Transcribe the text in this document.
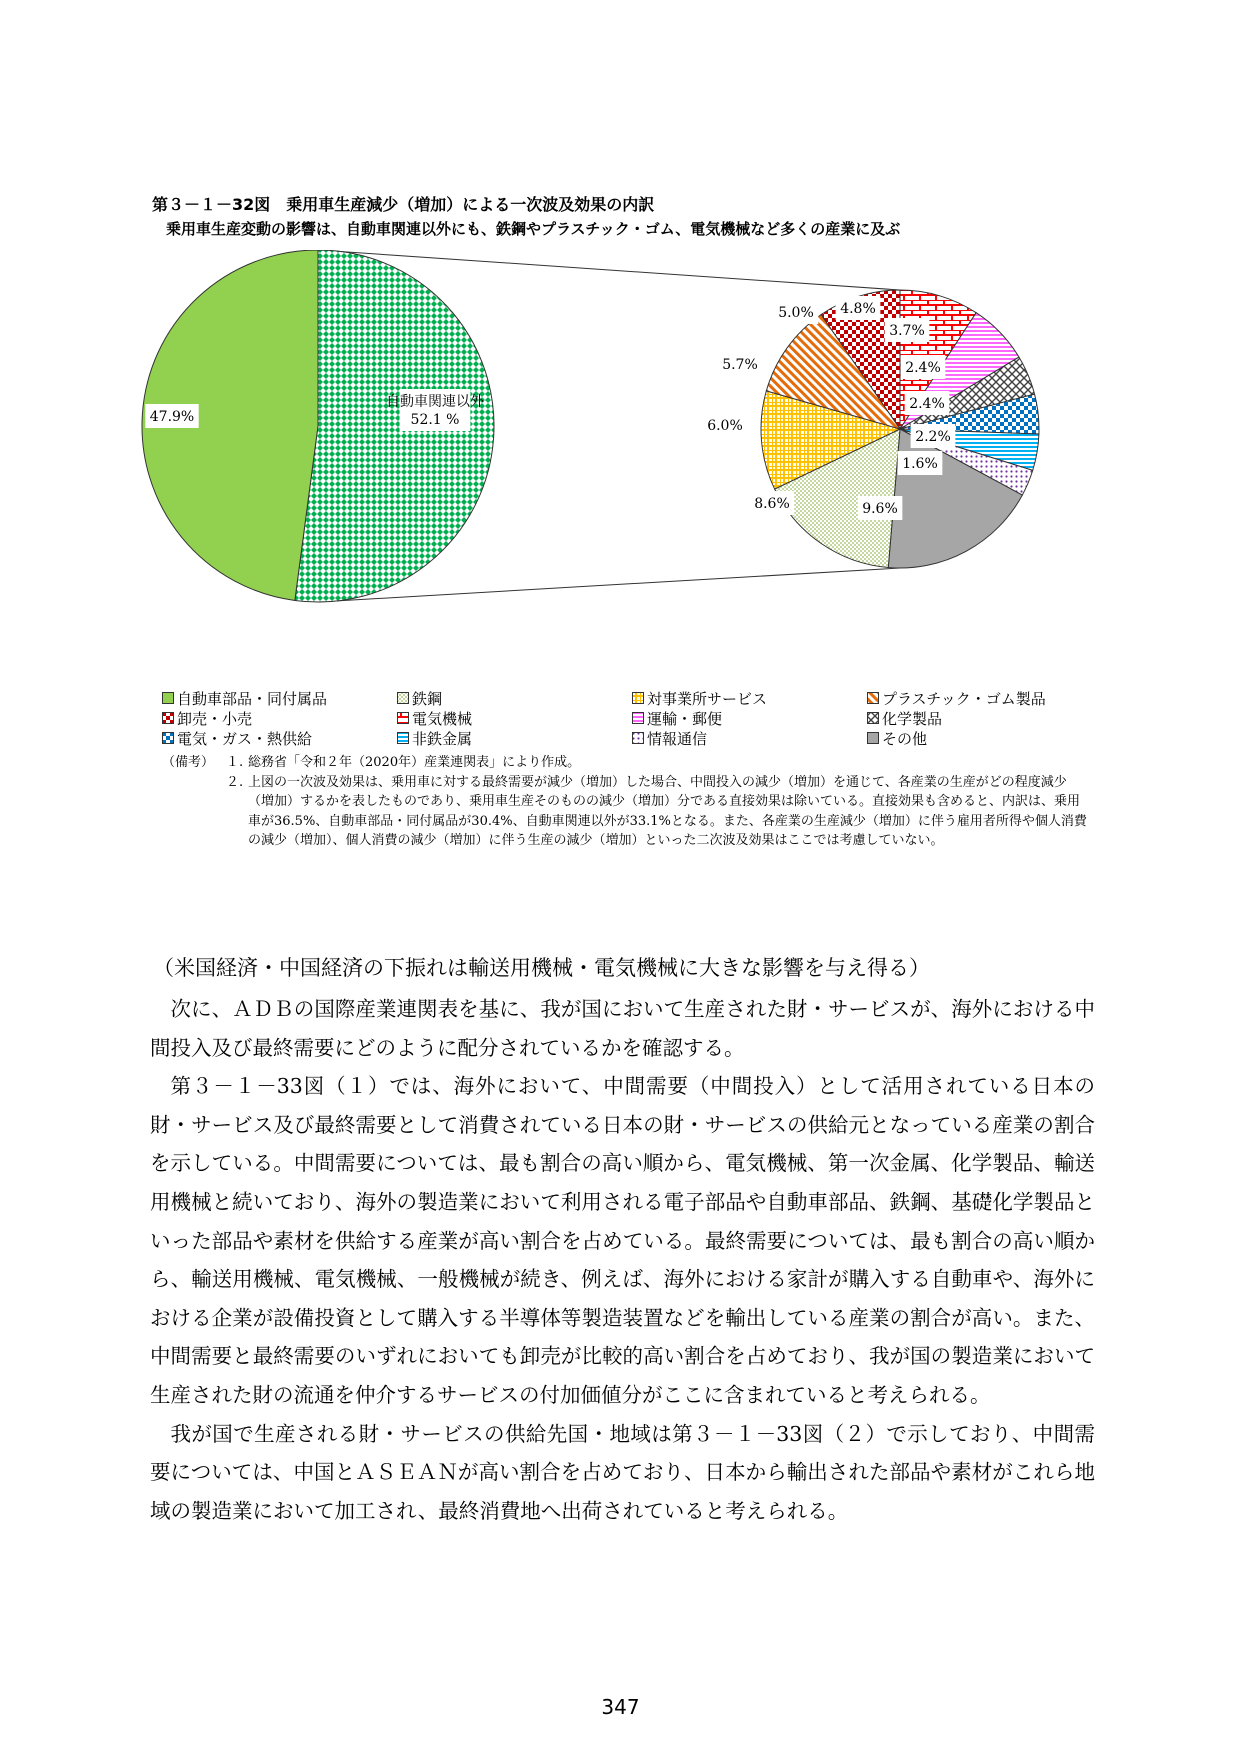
第３－１－32図　乗用車生産減少（増加）による一次波及効果の内訳
乗用車生産変動の影響は、自動車関連以外にも、鉄鋼やプラスチック・ゴム、電気機械など多くの産業に及ぶ
47.9%
自動車関連以外
52.1 %
5.0% 4.8%
3.7%
2.4%
2.4%
2.2%
1.6%
9.6%
8.6%
6.0%
5.7%
自動車部品・同付属品	鉄鋼	対事業所サービス	プラスチック・ゴム製品
卸売・小売	電気機械	運輸・郵便	化学製品
電気・ガス・熱供給	非鉄金属	情報通信	その他
（備考） １. 総務省「令和２年（2020年）産業連関表」により作成。
２. 上図の一次波及効果は、乗用車に対する最終需要が減少（増加）した場合、中間投入の減少（増加）を通じて、各産業の生産がどの程度減少（増加）するかを表したものであり、乗用車生産そのものの減少（増加）分である直接効果は除いている。直接効果も含めると、内訳は、乗用車が36.5%、自動車部品・同付属品が30.4%、自動車関連以外が33.1%となる。また、各産業の生産減少（増加）に伴う雇用者所得や個人消費の減少（増加）、個人消費の減少（増加）に伴う生産の減少（増加）といった二次波及効果はここでは考慮していない。
（米国経済・中国経済の下振れは輸送用機械・電気機械に大きな影響を与え得る）

次に、ＡＤＢの国際産業連関表を基に、我が国において生産された財・サービスが、海外における中間投入及び最終需要にどのように配分されているかを確認する。

第３－１－33図（１）では、海外において、中間需要（中間投入）として活用されている日本の財・サービス及び最終需要として消費されている日本の財・サービスの供給元となっている産業の割合を示している。中間需要については、最も割合の高い順から、電気機械、第一次金属、化学製品、輸送用機械と続いており、海外の製造業において利用される電子部品や自動車部品、鉄鋼、基礎化学製品といった部品や素材を供給する産業が高い割合を占めている。最終需要については、最も割合の高い順から、輸送用機械、電気機械、一般機械が続き、例えば、海外における家計が購入する自動車や、海外における企業が設備投資として購入する半導体等製造装置などを輸出している産業の割合が高い。また、中間需要と最終需要のいずれにおいても卸売が比較的高い割合を占めており、我が国の製造業において生産された財の流通を仲介するサービスの付加価値分がここに含まれていると考えられる。

我が国で生産される財・サービスの供給先国・地域は第３－１－33図（２）で示しており、中間需要については、中国とＡＳＥＡＮが高い割合を占めており、日本から輸出された部品や素材がこれら地域の製造業において加工され、最終消費地へ出荷されていると考えられる。

347
